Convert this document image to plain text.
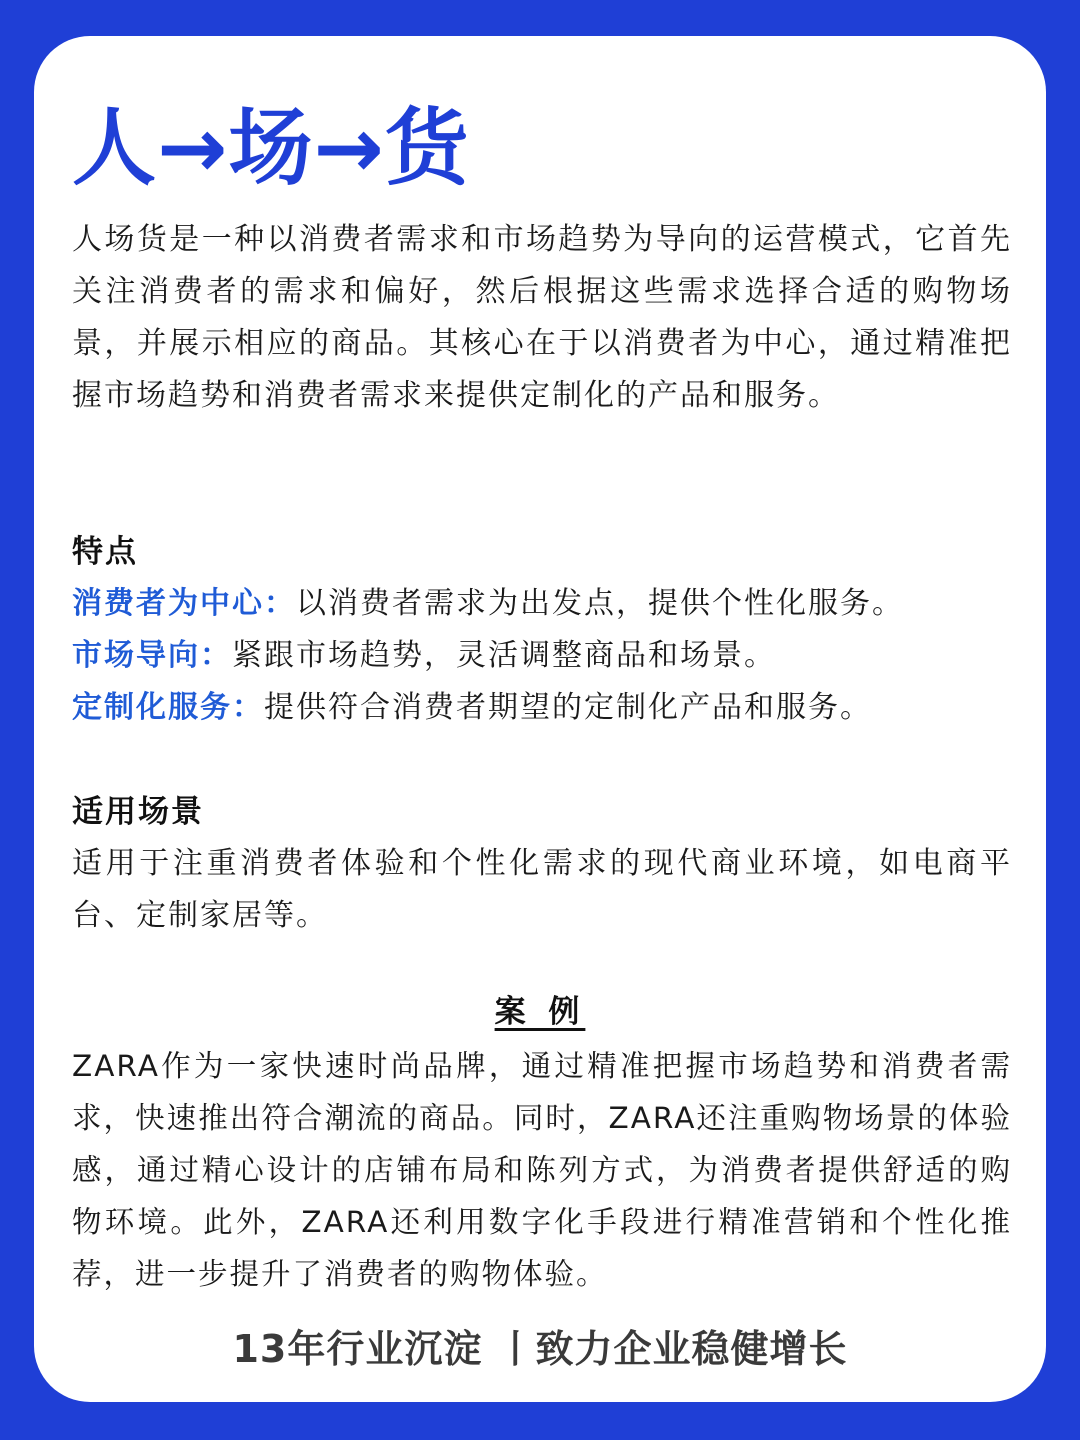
人→场→货

人场货是一种以消费者需求和市场趋势为导向的运营模式，它首先关注消费者的需求和偏好，然后根据这些需求选择合适的购物场景，并展示相应的商品。其核心在于以消费者为中心，通过精准把握市场趋势和消费者需求来提供定制化的产品和服务。

特点
消费者为中心：以消费者需求为出发点，提供个性化服务。
市场导向：紧跟市场趋势，灵活调整商品和场景。
定制化服务：提供符合消费者期望的定制化产品和服务。
适用场景

适用于注重消费者体验和个性化需求的现代商业环境，如电商平台、定制家居等。

案 例

ZARA作为一家快速时尚品牌，通过精准把握市场趋势和消费者需求，快速推出符合潮流的商品。同时，ZARA还注重购物场景的体验感，通过精心设计的店铺布局和陈列方式，为消费者提供舒适的购物环境。此外，ZARA还利用数字化手段进行精准营销和个性化推荐，进一步提升了消费者的购物体验。

13年行业沉淀 丨致力企业稳健增长
